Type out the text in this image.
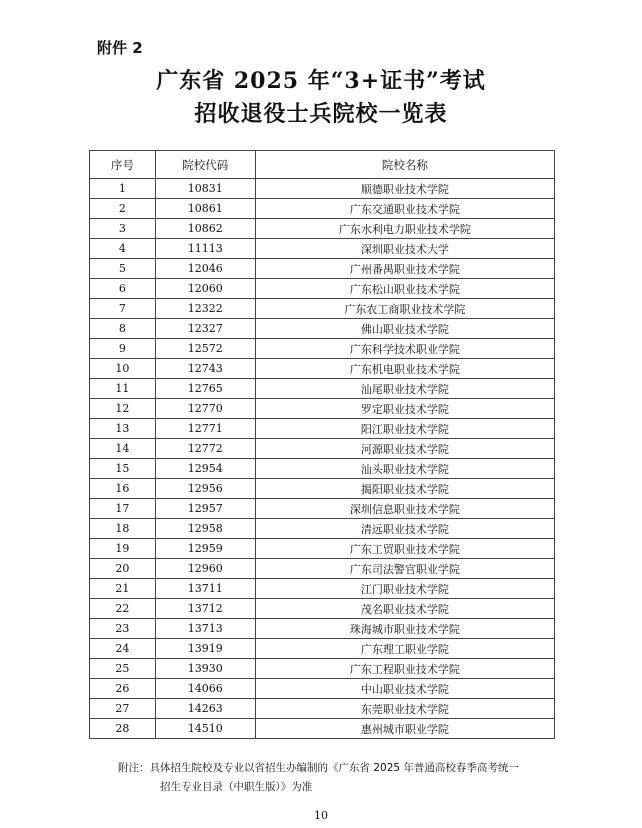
附件 2
广东省 2025 年“3+证书”考试
招收退役士兵院校一览表
序号	院校代码	院校名称
1	10831	顺德职业技术学院
2	10861	广东交通职业技术学院
3	10862	广东水利电力职业技术学院
4	11113	深圳职业技术大学
5	12046	广州番禺职业技术学院
6	12060	广东松山职业技术学院
7	12322	广东农工商职业技术学院
8	12327	佛山职业技术学院
9	12572	广东科学技术职业学院
10	12743	广东机电职业技术学院
11	12765	汕尾职业技术学院
12	12770	罗定职业技术学院
13	12771	阳江职业技术学院
14	12772	河源职业技术学院
15	12954	汕头职业技术学院
16	12956	揭阳职业技术学院
17	12957	深圳信息职业技术学院
18	12958	清远职业技术学院
19	12959	广东工贸职业技术学院
20	12960	广东司法警官职业学院
21	13711	江门职业技术学院
22	13712	茂名职业技术学院
23	13713	珠海城市职业技术学院
24	13919	广东理工职业学院
25	13930	广东工程职业技术学院
26	14066	中山职业技术学院
27	14263	东莞职业技术学院
28	14510	惠州城市职业学院
附注：具体招生院校及专业以省招生办编制的《广东省 2025 年普通高校春季高考统一
招生专业目录（中职生版）》为准
10
